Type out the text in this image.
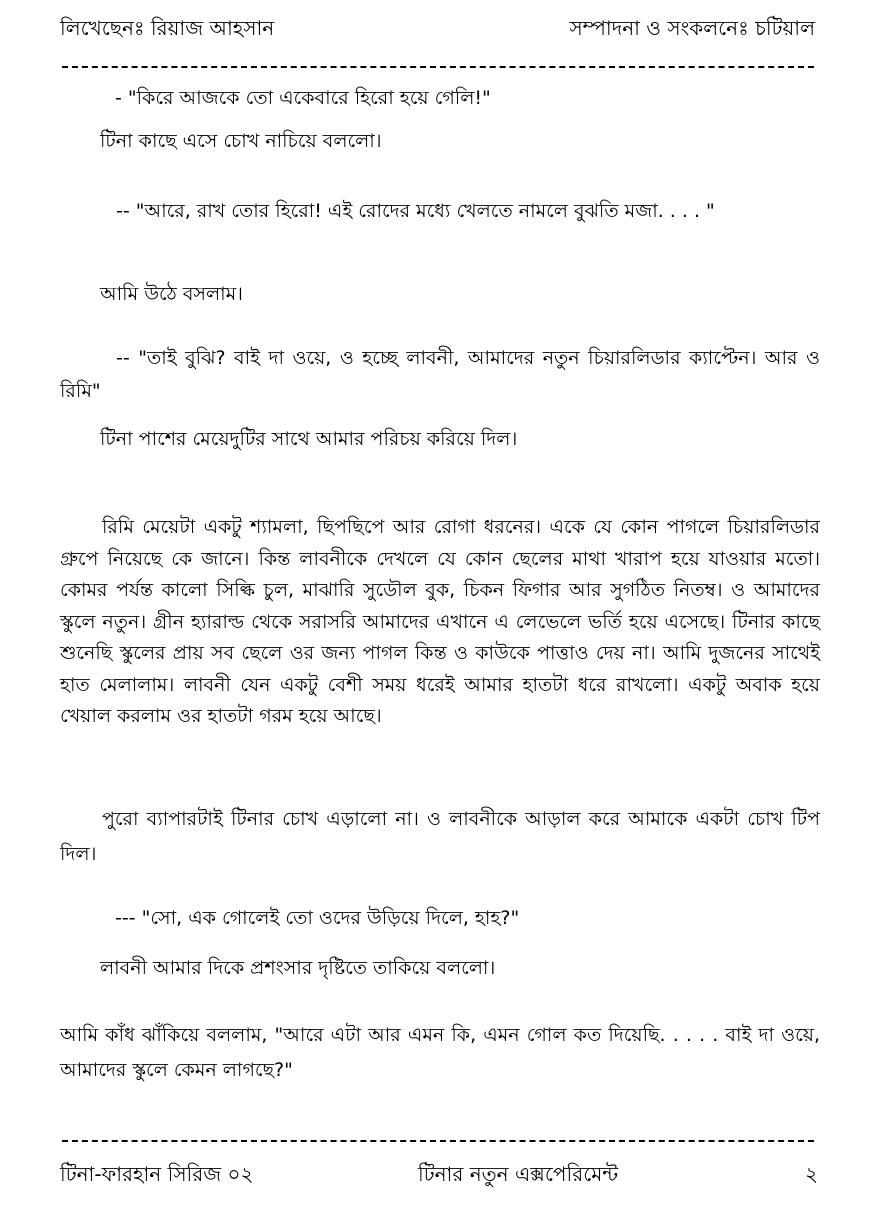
লিখেছেনঃ রিয়াজ আহসান	সম্পাদনা ও সংকলনেঃ চটিয়াল
- "কিরে আজকে তো একেবারে হিরো হয়ে গেলি!"
টিনা কাছে এসে চোখ নাচিয়ে বললো।
-- "আরে, রাখ তোর হিরো! এই রোদের মধ্যে খেলতে নামলে বুঝতি মজা. . . . "
আমি উঠে বসলাম।
-- "তাই বুঝি? বাই দা ওয়ে, ও হচ্ছে লাবনী, আমাদের নতুন চিয়ারলিডার ক্যাপ্টেন। আর ও রিমি"
টিনা পাশের মেয়েদুটির সাথে আমার পরিচয় করিয়ে দিল।
রিমি মেয়েটা একটু শ্যামলা, ছিপছিপে আর রোগা ধরনের। একে যে কোন পাগলে চিয়ারলিডার গ্রুপে নিয়েছে কে জানে। কিন্ত লাবনীকে দেখলে যে কোন ছেলের মাথা খারাপ হয়ে যাওয়ার মতো। কোমর পর্যন্ত কালো সিল্কি চুল, মাঝারি সুডৌল বুক, চিকন ফিগার আর সুগঠিত নিতম্ব। ও আমাদের স্কুলে নতুন। গ্রীন হ্যারাল্ড থেকে সরাসরি আমাদের এখানে এ লেভেলে ভর্তি হয়ে এসেছে। টিনার কাছে শুনেছি স্কুলের প্রায় সব ছেলে ওর জন্য পাগল কিন্ত ও কাউকে পাত্তাও দেয় না। আমি দুজনের সাথেই হাত মেলালাম। লাবনী যেন একটু বেশী সময় ধরেই আমার হাতটা ধরে রাখলো। একটু অবাক হয়ে খেয়াল করলাম ওর হাতটা গরম হয়ে আছে।
পুরো ব্যাপারটাই টিনার চোখ এড়ালো না। ও লাবনীকে আড়াল করে আমাকে একটা চোখ টিপ দিল।
--- "সো, এক গোলেই তো ওদের উড়িয়ে দিলে, হাহ?"
লাবনী আমার দিকে প্রশংসার দৃষ্টিতে তাকিয়ে বললো।
আমি কাঁধ ঝাঁকিয়ে বললাম, "আরে এটা আর এমন কি, এমন গোল কত দিয়েছি. . . . . বাই দা ওয়ে, আমাদের স্কুলে কেমন লাগছে?"
টিনা-ফারহান সিরিজ ০২	টিনার নতুন এক্সপেরিমেন্ট	২
